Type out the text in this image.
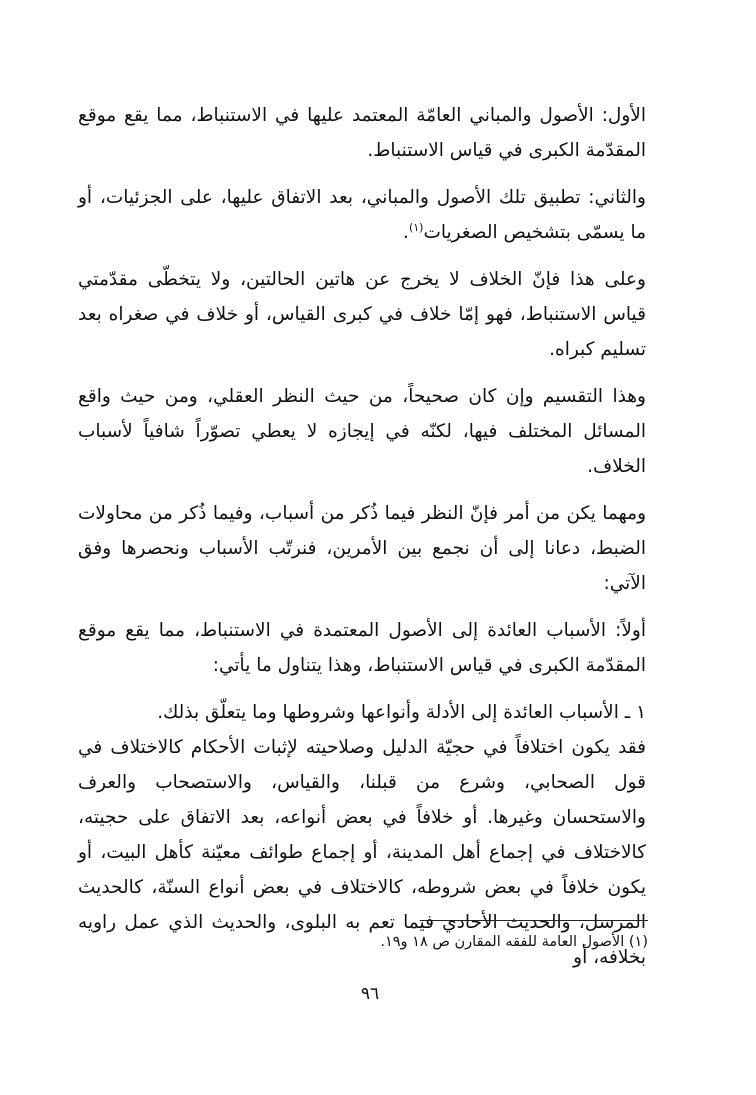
الأول: الأصول والمباني العامّة المعتمد عليها في الاستنباط، مما يقع موقع المقدّمة الكبرى في قياس الاستنباط.

والثاني: تطبيق تلك الأصول والمباني، بعد الاتفاق عليها، على الجزئيات، أو ما يسمّى بتشخيص الصغريات$^{(١)}$.

وعلى هذا فإنّ الخلاف لا يخرج عن هاتين الحالتين، ولا يتخطّى مقدّمتي قياس الاستنباط، فهو إمّا خلاف في كبرى القياس، أو خلاف في صغراه بعد تسليم كبراه.

وهذا التقسيم وإن كان صحيحاً، من حيث النظر العقلي، ومن حيث واقع المسائل المختلف فيها، لكنّه في إيجازه لا يعطي تصوّراً شافياً لأسباب الخلاف.

ومهما يكن من أمر فإنّ النظر فيما ذُكر من أسباب، وفيما ذُكر من محاولات الضبط، دعانا إلى أن نجمع بين الأمرين، فنرتّب الأسباب ونحصرها وفق الآتي:

أولاً: الأسباب العائدة إلى الأصول المعتمدة في الاستنباط، مما يقع موقع المقدّمة الكبرى في قياس الاستنباط، وهذا يتناول ما يأتي:

١ ـ الأسباب العائدة إلى الأدلة وأنواعها وشروطها وما يتعلّق بذلك.

فقد يكون اختلافاً في حجيّة الدليل وصلاحيته لإثبات الأحكام كالاختلاف في قول الصحابي، وشرع من قبلنا، والقياس، والاستصحاب والعرف والاستحسان وغيرها. أو خلافاً في بعض أنواعه، بعد الاتفاق على حجيته، كالاختلاف في إجماع أهل المدينة، أو إجماع طوائف معيّنة كأهل البيت، أو يكون خلافاً في بعض شروطه، كالاختلاف في بعض أنواع السنّة، كالحديث المرسل، والحديث الأحادي فيما تعم به البلوى، والحديث الذي عمل راويه بخلافه، أو

(١) الأصول العامة للفقه المقارن ص ١٨ و١٩.

٩٦
